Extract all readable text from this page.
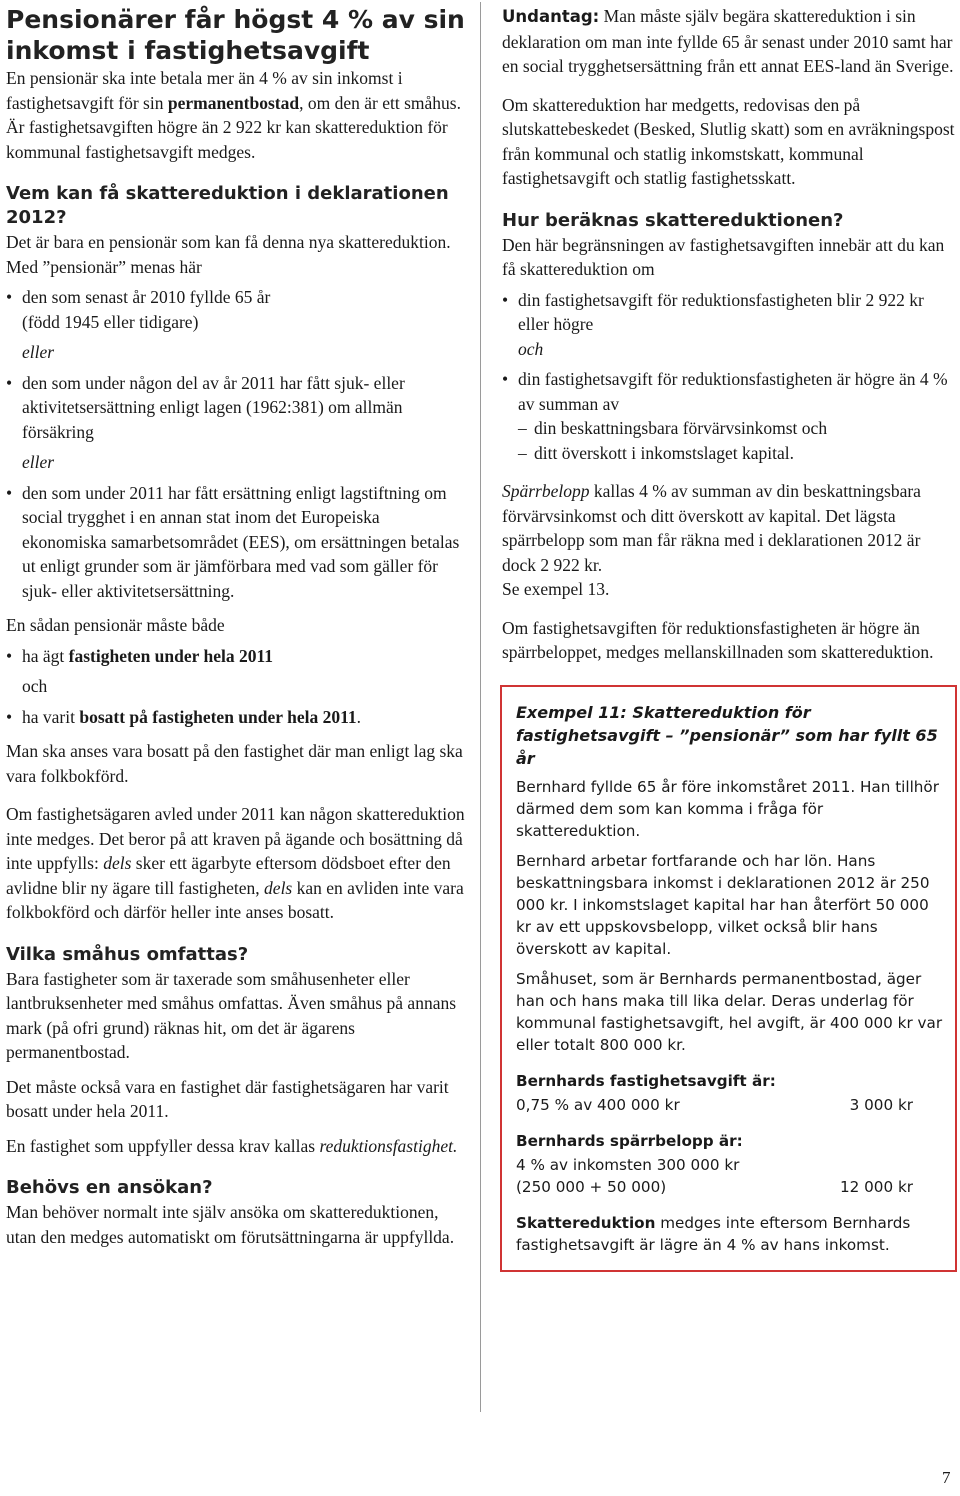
Pensionärer får högst 4 % av sin inkomst i fastighetsavgift

En pensionär ska inte betala mer än 4 % av sin inkomst i fastighetsavgift för sin permanentbostad, om den är ett småhus. Är fastighetsavgiften högre än 2 922 kr kan skattereduktion för kommunal fastighetsavgift medges.

Vem kan få skattereduktion i deklarationen 2012?

Det är bara en pensionär som kan få denna nya skattereduktion. Med ”pensionär” menas här

• den som senast år 2010 fyllde 65 år
(född 1945 eller tidigare)
eller
• den som under någon del av år 2011 har fått sjuk- eller aktivitetsersättning enligt lagen (1962:381) om allmän försäkring
eller
• den som under 2011 har fått ersättning enligt lagstiftning om social trygghet i en annan stat inom det Europeiska ekonomiska samarbetsområdet (EES), om ersättningen betalas ut enligt grunder som är jämförbara med vad som gäller för sjuk- eller aktivitetsersättning.

En sådan pensionär måste både

• ha ägt fastigheten under hela 2011
och
• ha varit bosatt på fastigheten under hela 2011.

Man ska anses vara bosatt på den fastighet där man enligt lag ska vara folkbokförd.

Om fastighetsägaren avled under 2011 kan någon skattereduktion inte medges. Det beror på att kraven på ägande och bosättning då inte uppfylls: dels sker ett ägarbyte eftersom dödsboet efter den avlidne blir ny ägare till fastigheten, dels kan en avliden inte vara folkbokförd och därför heller inte anses bosatt.

Vilka småhus omfattas?

Bara fastigheter som är taxerade som småhusenheter eller lantbruksenheter med småhus omfattas. Även småhus på annans mark (på ofri grund) räknas hit, om det är ägarens permanentbostad.

Det måste också vara en fastighet där fastighetsägaren har varit bosatt under hela 2011.

En fastighet som uppfyller dessa krav kallas reduktionsfastighet.

Behövs en ansökan?

Man behöver normalt inte själv ansöka om skattereduktionen, utan den medges automatiskt om förutsättningarna är uppfyllda.

Undantag: Man måste själv begära skattereduktion i sin deklaration om man inte fyllde 65 år senast under 2010 samt har en social trygghetsersättning från ett annat EES-land än Sverige.

Om skattereduktion har medgetts, redovisas den på slutskattebeskedet (Besked, Slutlig skatt) som en avräkningspost från kommunal och statlig inkomstskatt, kommunal fastighetsavgift och statlig fastighetsskatt.

Hur beräknas skattereduktionen?

Den här begränsningen av fastighetsavgiften innebär att du kan få skattereduktion om

• din fastighetsavgift för reduktionsfastigheten blir 2 922 kr eller högre
och
• din fastighetsavgift för reduktionsfastigheten är högre än 4 % av summan av
– din beskattningsbara förvärvsinkomst och
– ditt överskott i inkomstslaget kapital.

Spärrbelopp kallas 4 % av summan av din beskattningsbara förvärvsinkomst och ditt överskott av kapital. Det lägsta spärrbelopp som man får räkna med i deklarationen 2012 är dock 2 922 kr.

Se exempel 13.

Om fastighetsavgiften för reduktionsfastigheten är högre än spärrbeloppet, medges mellanskillnaden som skattereduktion.

Exempel 11: Skattereduktion för fastighetsavgift – ”pensionär” som har fyllt 65 år

Bernhard fyllde 65 år före inkomståret 2011. Han tillhör därmed dem som kan komma i fråga för skattereduktion.

Bernhard arbetar fortfarande och har lön. Hans beskattningsbara inkomst i deklarationen 2012 är 250 000 kr. I inkomstslaget kapital har han återfört 50 000 kr av ett uppskovsbelopp, vilket också blir hans överskott av kapital.

Småhuset, som är Bernhards permanentbostad, äger han och hans maka till lika delar. Deras underlag för kommunal fastighetsavgift, hel avgift, är 400 000 kr var eller totalt 800 000 kr.

Bernhards fastighetsavgift är:

0,75 % av 400 000 kr	3 000 kr

Bernhards spärrbelopp är:

4 % av inkomsten 300 000 kr
(250 000 + 50 000)	12 000 kr

Skattereduktion medges inte eftersom Bernhards fastighetsavgift är lägre än 4 % av hans inkomst.

7
